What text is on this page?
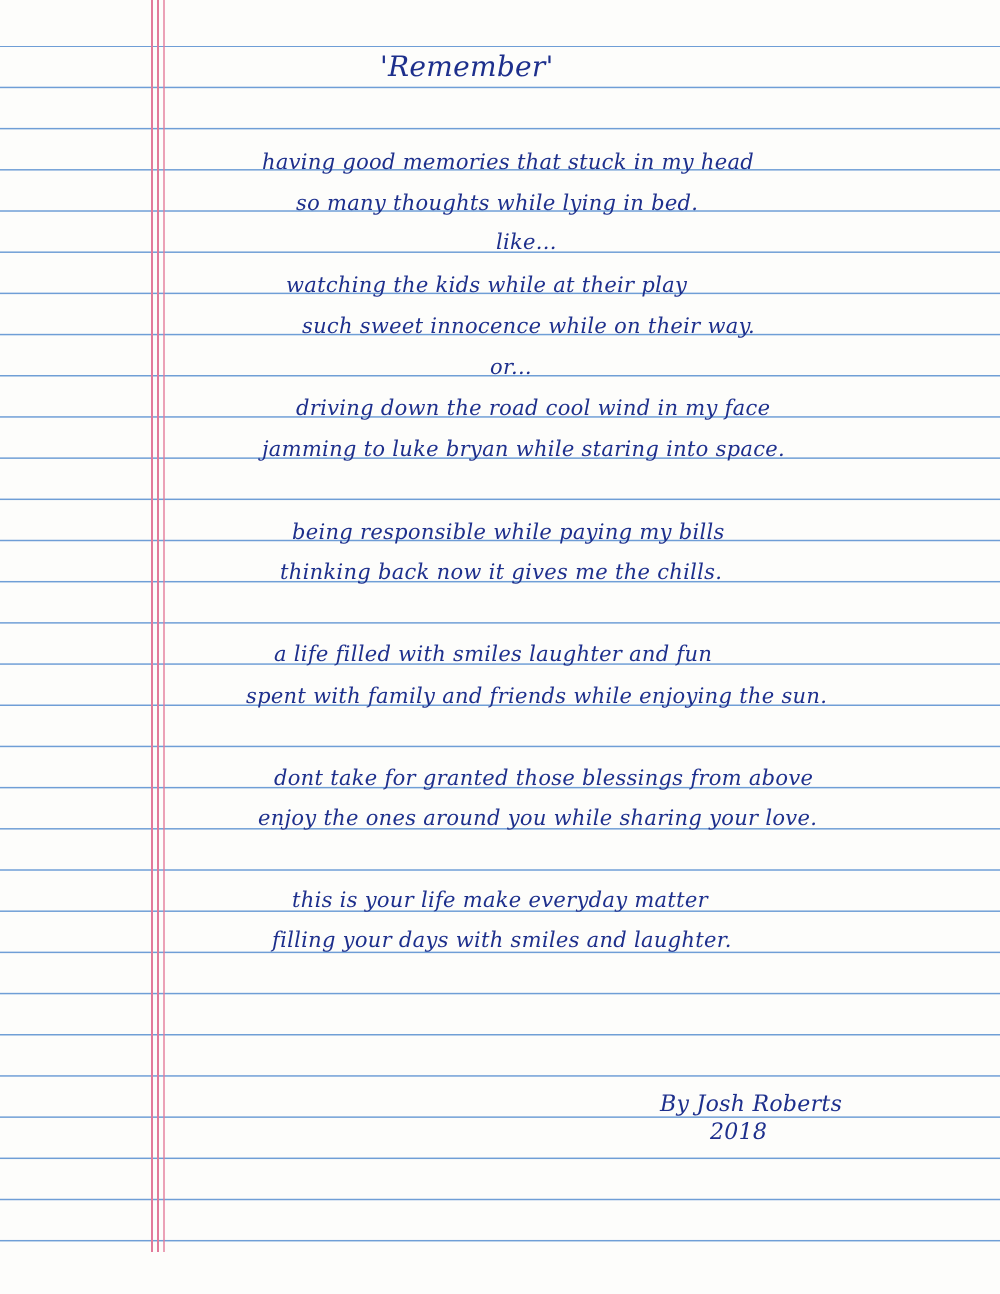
'Remember'
having good memories that stuck in my head
so many thoughts while lying in bed.
like...
watching the kids while at their play
such sweet innocence while on their way.
or...
driving down the road cool wind in my face
jamming to luke bryan while staring into space.
being responsible while paying my bills
thinking back now it gives me the chills.
a life filled with smiles laughter and fun
spent with family and friends while enjoying the sun.
dont take for granted those blessings from above
enjoy the ones around you while sharing your love.
this is your life make everyday matter
filling your days with smiles and laughter.
By Josh Roberts
2018
